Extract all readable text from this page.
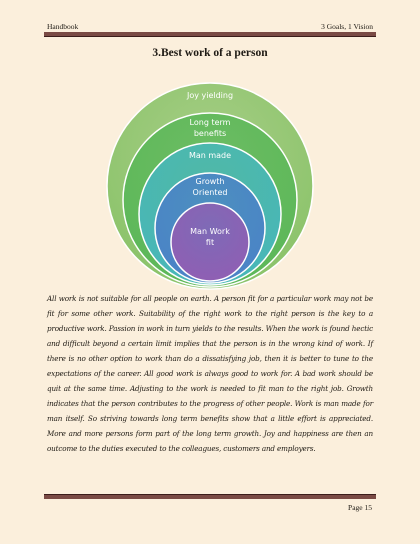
Handbook	3 Goals, 1 Vision
3.Best work of a person
Joy yielding
Long term
benefits
Man made
Growth
Oriented
Man Work
fit
All work is not suitable for all people on earth. A person fit for a particular work may not be fit for some other work. Suitability of the right work to the right person is the key to a productive work. Passion in work in turn yields to the results. When the work is found hectic and difficult beyond a certain limit implies that the person is in the wrong kind of work. If there is no other option to work than do a dissatisfying job, then it is better to tune to the expectations of the career. All good work is always good to work for. A bad work should be quit at the same time. Adjusting to the work is needed to fit man to the right job. Growth indicates that the person contributes to the progress of other people. Work is man made for man itself. So striving towards long term benefits show that a little effort is appreciated. More and more persons form part of the long term growth. Joy and happiness are then an outcome to the duties executed to the colleagues, customers and employers.
Page 15
